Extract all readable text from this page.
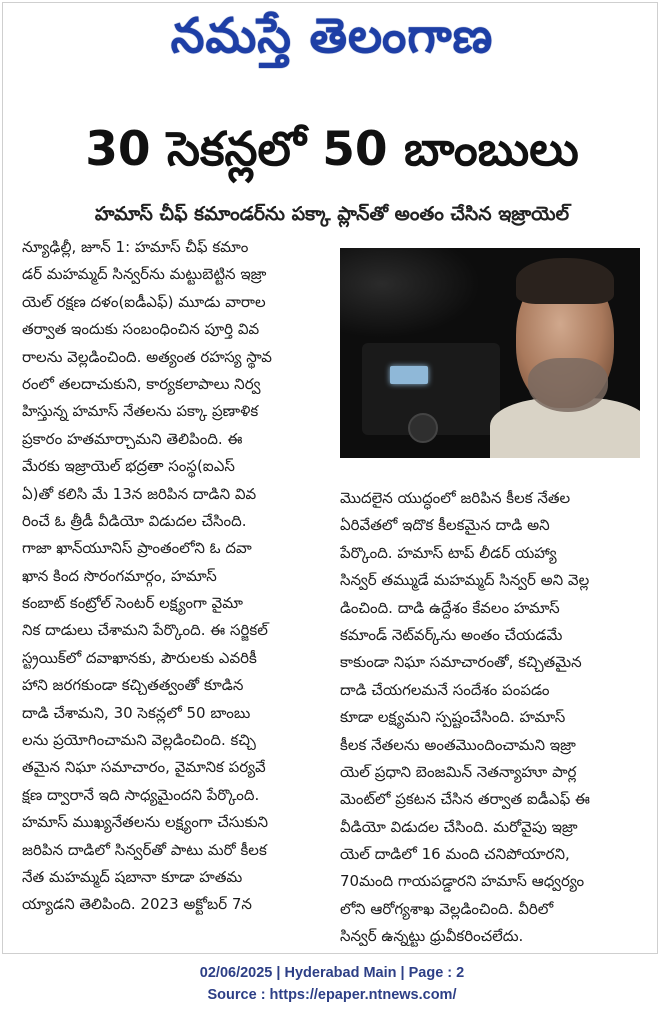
నమస్తే తెలంగాణ
30 సెకన్లలో 50 బాంబులు
హమాస్ చీఫ్ కమాండర్‌ను పక్కా ప్లాన్‌తో అంతం చేసిన ఇజ్రాయెల్
న్యూఢిల్లీ, జూన్ 1: హమాస్ చీఫ్ కమాం
డర్ మహమ్మద్ సిన్వర్‌ను మట్టుబెట్టిన ఇజ్రా
యెల్ రక్షణ దళం(ఐడీఎఫ్) మూడు వారాల
తర్వాత ఇందుకు సంబంధించిన పూర్తి వివ
రాలను వెల్లడించింది. అత్యంత రహస్య స్థావ
రంలో తలదాచుకుని, కార్యకలాపాలు నిర్వ
హిస్తున్న హమాస్ నేతలను పక్కా ప్రణాళిక
ప్రకారం హతమార్చామని తెలిపింది. ఈ
మేరకు ఇజ్రాయెల్ భద్రతా సంస్థ(ఐఎస్
ఏ)తో కలిసి మే 13న జరిపిన దాడిని వివ
రించే ఓ త్రీడీ వీడియో విడుదల చేసింది.
గాజా ఖాన్‌యూనిస్ ప్రాంతంలోని ఓ దవా
ఖాన కింద సొరంగమార్గం, హమాస్
కంబాట్ కంట్రోల్ సెంటర్ లక్ష్యంగా వైమా
నిక దాడులు చేశామని పేర్కొంది. ఈ సర్జికల్
స్ట్రయిక్‌లో దవాఖానకు, పౌరులకు ఎవరికీ
హాని జరగకుండా కచ్చితత్వంతో కూడిన
దాడి చేశామని, 30 సెకన్లలో 50 బాంబు
లను ప్రయోగించామని వెల్లడించింది. కచ్చి
తమైన నిఘా సమాచారం, వైమానిక పర్యవే
క్షణ ద్వారానే ఇది సాధ్యమైందని పేర్కొంది.
హమాస్ ముఖ్యనేతలను లక్ష్యంగా చేసుకుని
జరిపిన దాడిలో సిన్వర్‌తో పాటు మరో కీలక
నేత మహమ్మద్ షబానా కూడా హతమ
య్యాడని తెలిపింది. 2023 అక్టోబర్ 7న
మొదలైన యుద్ధంలో జరిపిన కీలక నేతల
ఏరివేతలో ఇదొక కీలకమైన దాడి అని
పేర్కొంది. హమాస్ టాప్ లీడర్ యహ్యా
సిన్వర్ తమ్ముడే మహమ్మద్ సిన్వర్ అని వెల్ల
డించింది. దాడి ఉద్దేశం కేవలం హమాస్
కమాండ్ నెట్‌వర్క్‌ను అంతం చేయడమే
కాకుండా నిఘా సమాచారంతో, కచ్చితమైన
దాడి చేయగలమనే సందేశం పంపడం
కూడా లక్ష్యమని స్పష్టంచేసింది. హమాస్
కీలక నేతలను అంతమొందించామని ఇజ్రా
యెల్ ప్రధాని బెంజమిన్ నెతన్యాహూ పార్ల
మెంట్‌లో ప్రకటన చేసిన తర్వాత ఐడీఎఫ్ ఈ
వీడియో విడుదల చేసింది. మరోవైపు ఇజ్రా
యెల్ దాడిలో 16 మంది చనిపోయారని,
70మంది గాయపడ్డారని హమాస్ ఆధ్వర్యం
లోని ఆరోగ్యశాఖ వెల్లడించింది. వీరిలో
సిన్వర్ ఉన్నట్టు ధ్రువీకరించలేదు.
02/06/2025 | Hyderabad Main | Page : 2
Source : https://epaper.ntnews.com/
